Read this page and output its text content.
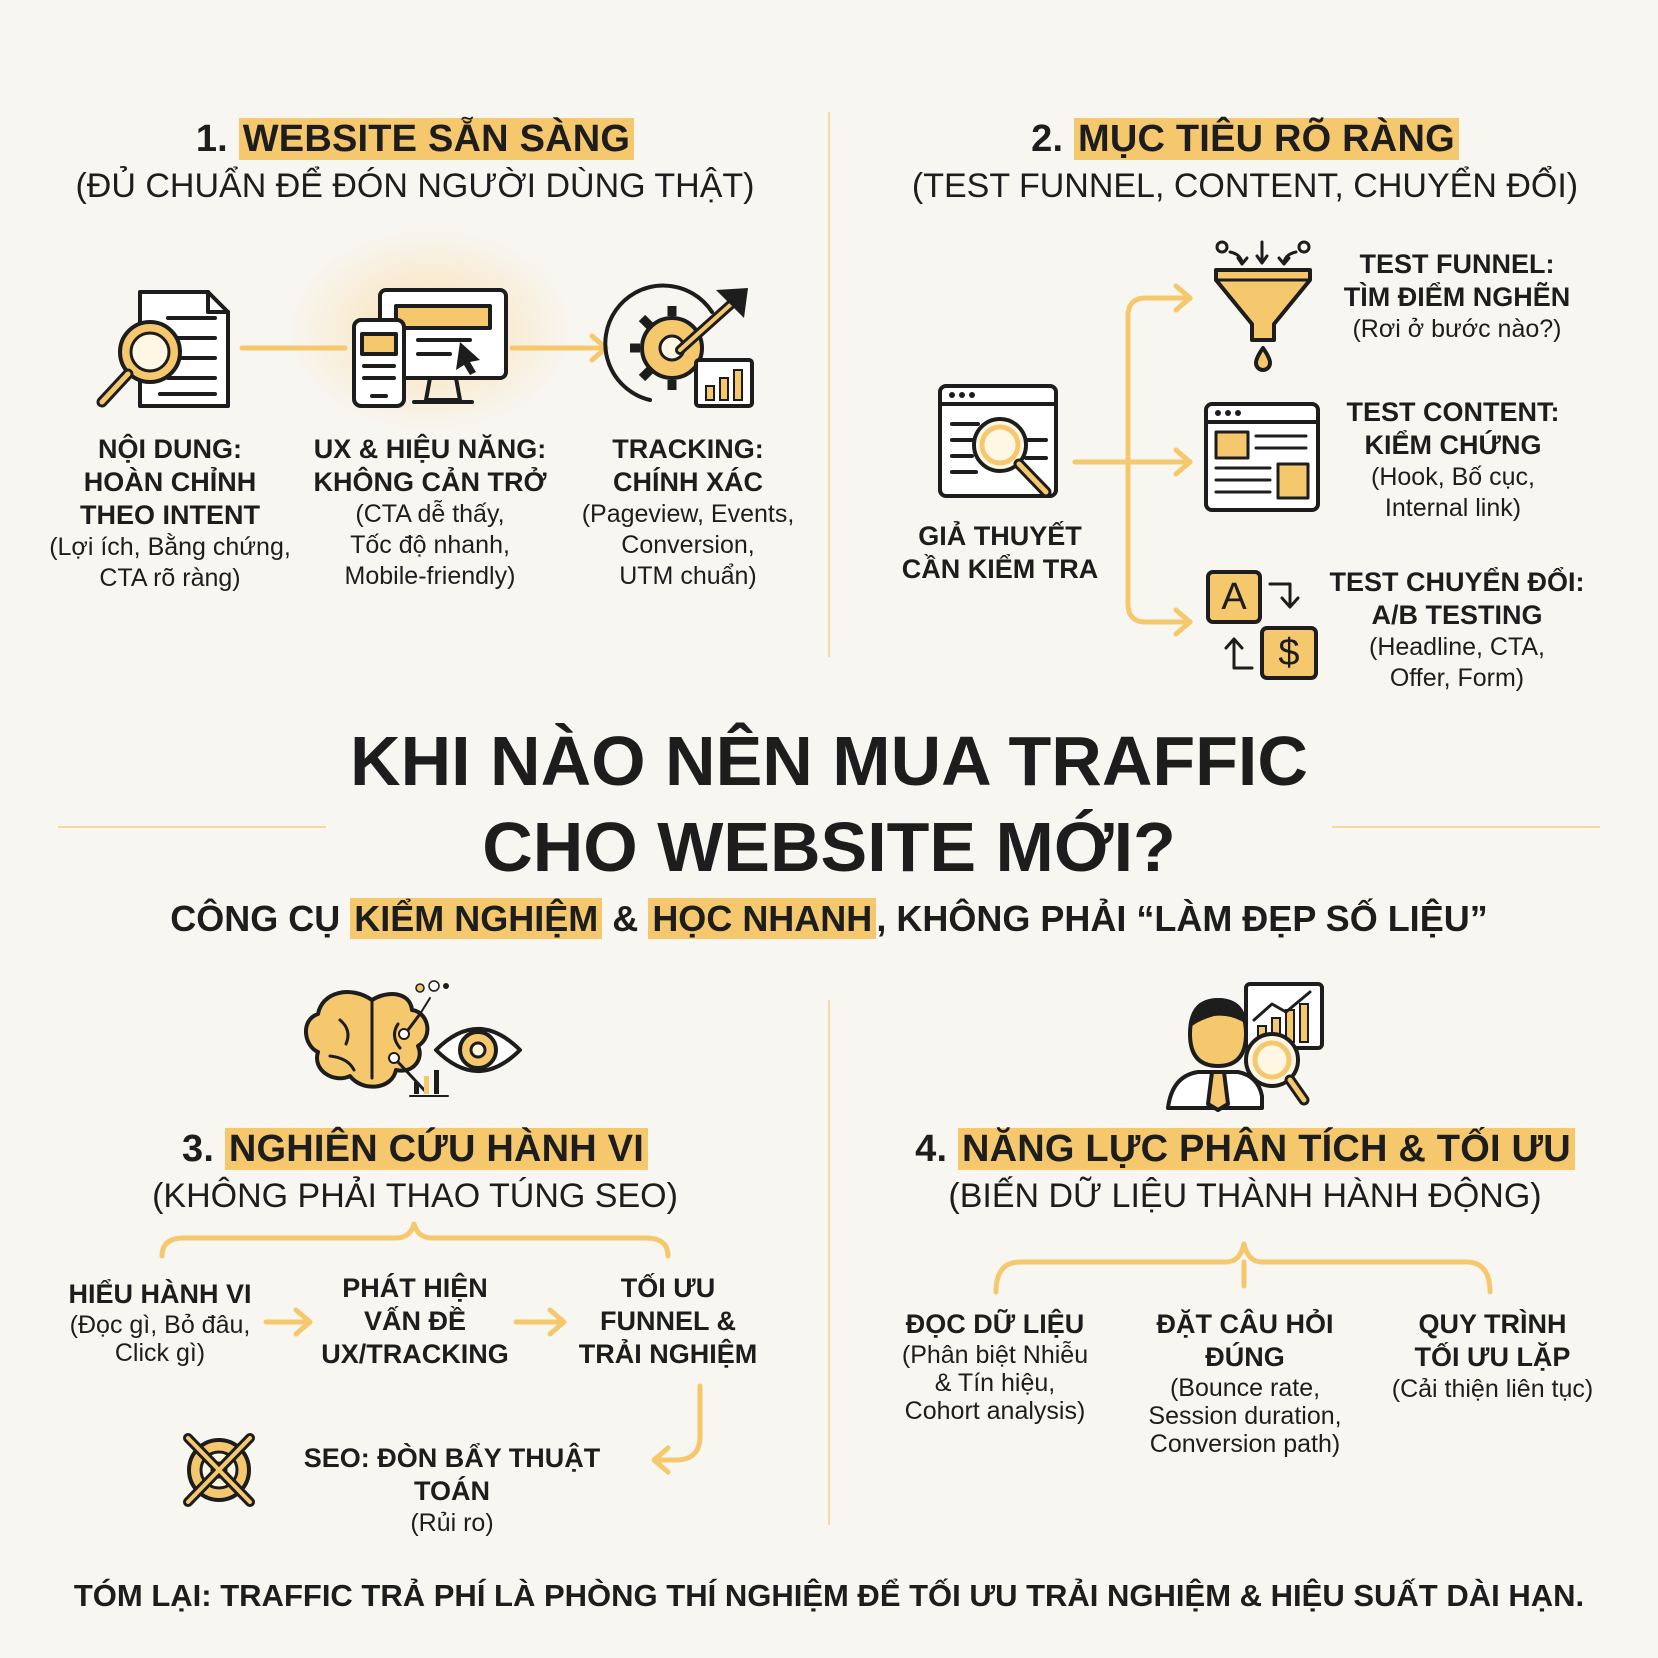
1. WEBSITE SẴN SÀNG
(ĐỦ CHUẨN ĐỂ ĐÓN NGƯỜI DÙNG THẬT)
NỘI DUNG:
HOÀN CHỈNH
THEO INTENT
(Lợi ích, Bằng chứng,
CTA rõ ràng)
UX & HIỆU NĂNG:
KHÔNG CẢN TRỞ
(CTA dễ thấy,
Tốc độ nhanh,
Mobile-friendly)
TRACKING:
CHÍNH XÁC
(Pageview, Events,
Conversion,
UTM chuẩn)
2. MỤC TIÊU RÕ RÀNG
(TEST FUNNEL, CONTENT, CHUYỂN ĐỔI)
A
$
GIẢ THUYẾT
CẦN KIỂM TRA
TEST FUNNEL:
TÌM ĐIỂM NGHẼN
(Rơi ở bước nào?)
TEST CONTENT:
KIỂM CHỨNG
(Hook, Bố cục,
Internal link)
TEST CHUYỂN ĐỔI:
A/B TESTING
(Headline, CTA,
Offer, Form)
KHI NÀO NÊN MUA TRAFFIC
CHO WEBSITE MỚI?
CÔNG CỤ KIỂM NGHIỆM & HỌC NHANH , KHÔNG PHẢI “LÀM ĐẸP SỐ LIỆU”
3. NGHIÊN CỨU HÀNH VI
(KHÔNG PHẢI THAO TÚNG SEO)
HIỂU HÀNH VI
(Đọc gì, Bỏ đâu,
Click gì)
PHÁT HIỆN
VẤN ĐỀ
UX/TRACKING
TỐI ƯU
FUNNEL &
TRẢI NGHIỆM
SEO: ĐÒN BẨY THUẬT TOÁN
(Rủi ro)
4. NĂNG LỰC PHÂN TÍCH & TỐI ƯU
(BIẾN DỮ LIỆU THÀNH HÀNH ĐỘNG)
ĐỌC DỮ LIỆU
(Phân biệt Nhiễu
& Tín hiệu,
Cohort analysis)
ĐẶT CÂU HỎI
ĐÚNG
(Bounce rate,
Session duration,
Conversion path)
QUY TRÌNH
TỐI ƯU LẶP
(Cải thiện liên tục)
TÓM LẠI: TRAFFIC TRẢ PHÍ LÀ PHÒNG THÍ NGHIỆM ĐỂ TỐI ƯU TRẢI NGHIỆM & HIỆU SUẤT DÀI HẠN.
